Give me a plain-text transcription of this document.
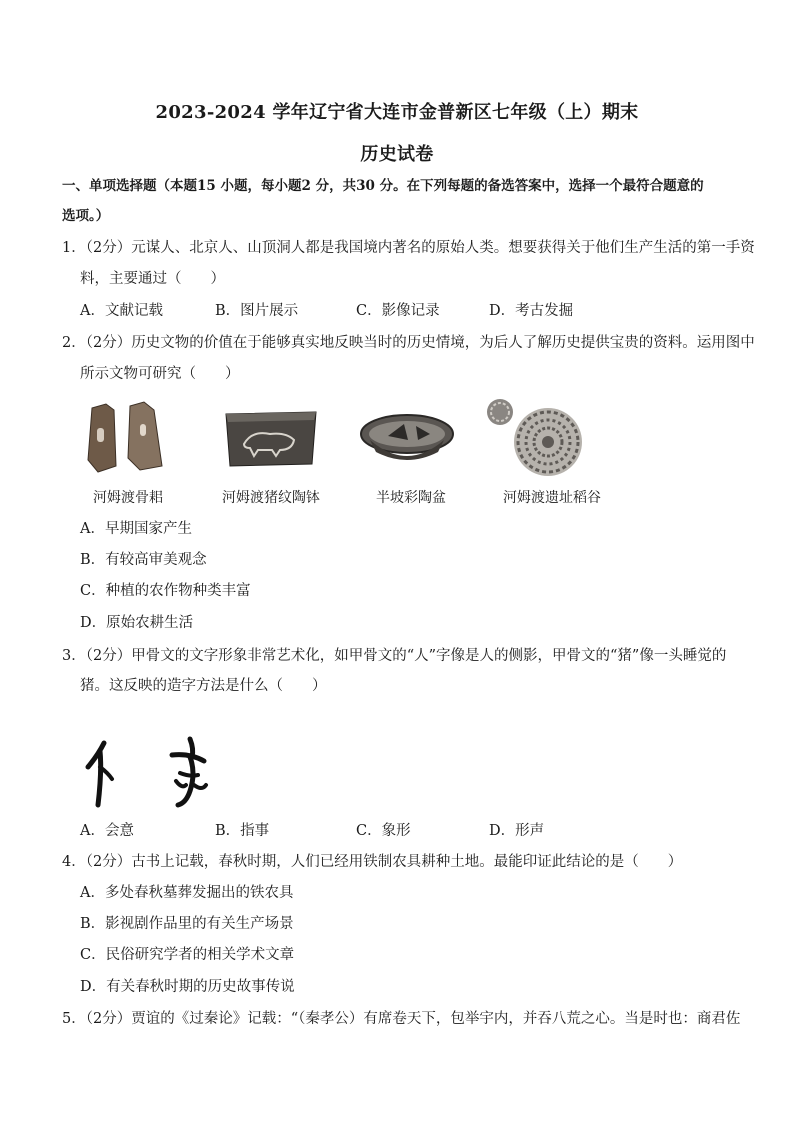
2023-2024 学年辽宁省大连市金普新区七年级（上）期末
历史试卷
一、单项选择题（本题15 小题，每小题2 分，共30 分。在下列每题的备选答案中，选择一个最符合题意的
选项。）
1．（2分）元谋人、北京人、山顶洞人都是我国境内著名的原始人类。想要获得关于他们生产生活的第一手资
料，主要通过（　　）
A．文献记载	B．图片展示	C．影像记录	D．考古发掘
2．（2分）历史文物的价值在于能够真实地反映当时的历史情境，为后人了解历史提供宝贵的资料。运用图中
所示文物可研究（　　）
河姆渡骨耜	河姆渡猪纹陶钵	半坡彩陶盆	河姆渡遗址稻谷
A．早期国家产生
B．有较高审美观念
C．种植的农作物种类丰富
D．原始农耕生活
3．（2分）甲骨文的文字形象非常艺术化，如甲骨文的“人”字像是人的侧影，甲骨文的“猪”像一头睡觉的
猪。这反映的造字方法是什么（　　）
A．会意	B．指事	C．象形	D．形声
4．（2分）古书上记载，春秋时期，人们已经用铁制农具耕种土地。最能印证此结论的是（　　）
A．多处春秋墓葬发掘出的铁农具
B．影视剧作品里的有关生产场景
C．民俗研究学者的相关学术文章
D．有关春秋时期的历史故事传说
5．（2分）贾谊的《过秦论》记载：“（秦孝公）有席卷天下，包举宇内，并吞八荒之心。当是时也：商君佐
